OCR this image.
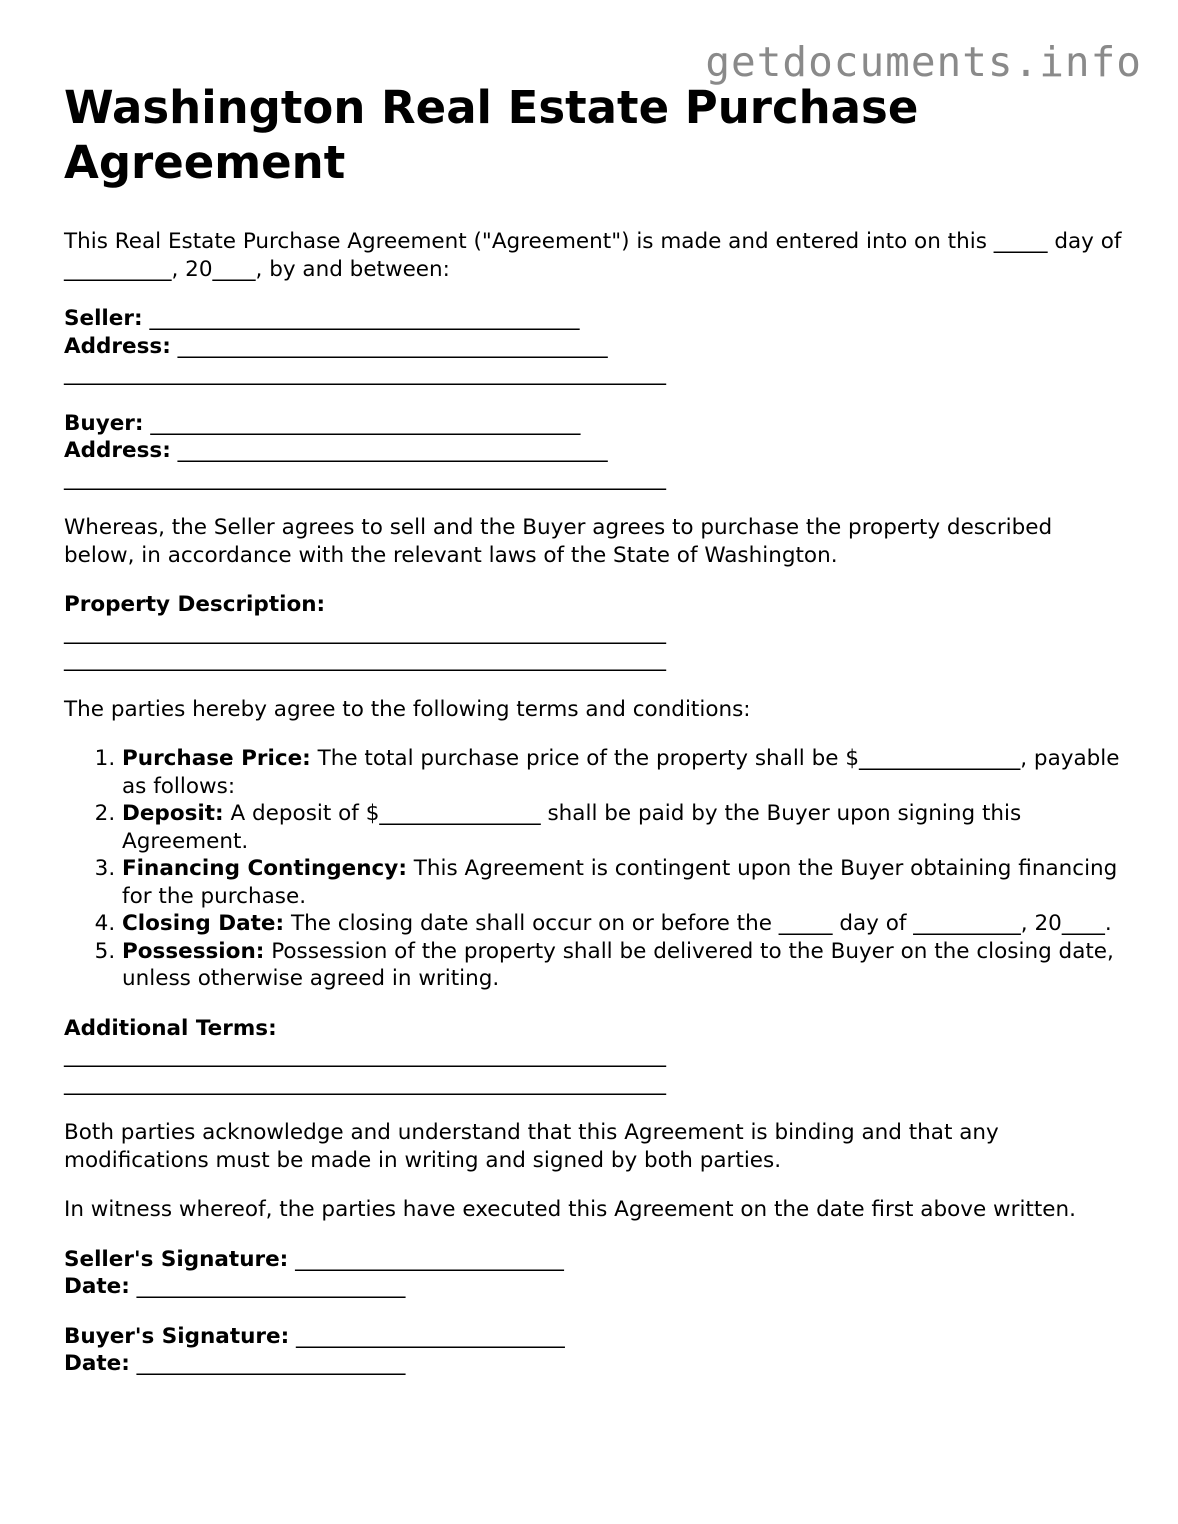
getdocuments.info
Washington Real Estate Purchase Agreement

This Real Estate Purchase Agreement ("Agreement") is made and entered into on this _____ day of __________, 20____, by and between:

Seller: ________________________________________
Address: ________________________________________
________________________________________________________

Buyer: ________________________________________
Address: ________________________________________
________________________________________________________

Whereas, the Seller agrees to sell and the Buyer agrees to purchase the property described below, in accordance with the relevant laws of the State of Washington.

Property Description:
________________________________________________________
________________________________________________________

The parties hereby agree to the following terms and conditions:

1. Purchase Price: The total purchase price of the property shall be $_______________, payable as follows:
2. Deposit: A deposit of $_______________ shall be paid by the Buyer upon signing this Agreement.
3. Financing Contingency: This Agreement is contingent upon the Buyer obtaining financing for the purchase.
4. Closing Date: The closing date shall occur on or before the _____ day of __________, 20____.
5. Possession: Possession of the property shall be delivered to the Buyer on the closing date, unless otherwise agreed in writing.

Additional Terms:
________________________________________________________
________________________________________________________

Both parties acknowledge and understand that this Agreement is binding and that any modifications must be made in writing and signed by both parties.

In witness whereof, the parties have executed this Agreement on the date first above written.

Seller's Signature: _________________________
Date: _________________________

Buyer's Signature: _________________________
Date: _________________________
